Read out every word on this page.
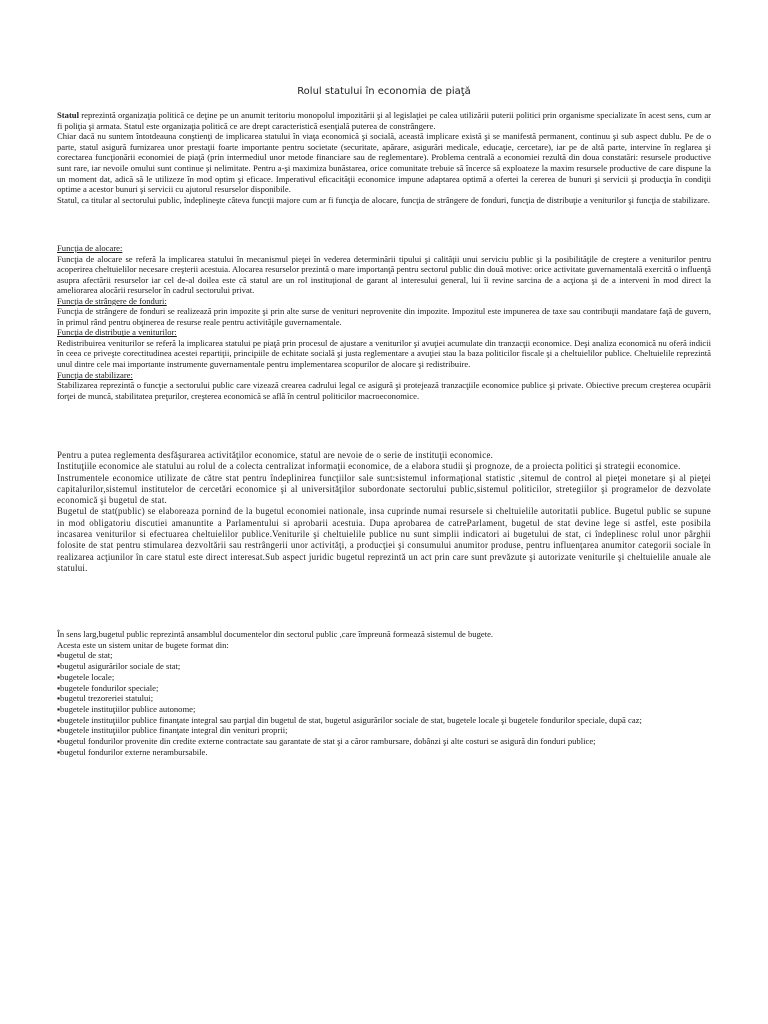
Rolul statului în economia de piaţă

Statul reprezintă organizaţia politică ce deţine pe un anumit teritoriu monopolul impozitării şi al legislaţiei pe calea utilizării puterii politici prin organisme specializate în acest sens, cum ar fi poliţia şi armata. Statul este organizaţia politică ce are drept caracteristică esenţială puterea de constrângere.

Chiar dacă nu suntem întotdeauna conştienţi de implicarea statului în viaţa economică şi socială, această implicare există şi se manifestă permanent, continuu şi sub aspect dublu. Pe de o parte, statul asigură furnizarea unor prestaţii foarte importante pentru societate (securitate, apărare, asigurări medicale, educaţie, cercetare), iar pe de altă parte, intervine în reglarea şi corectarea funcţionării economiei de piaţă (prin intermediul unor metode financiare sau de reglementare). Problema centrală a economiei rezultă din doua constatări: resursele productive sunt rare, iar nevoile omului sunt continue şi nelimitate. Pentru a-şi maximiza bunăstarea, orice comunitate trebuie să încerce să exploateze la maxim resursele productive de care dispune la un moment dat, adică să le utilizeze în mod optim şi eficace. Imperativul eficacităţii economice impune adaptarea optimă a ofertei la cererea de bunuri şi servicii şi producţia în condiţii optime a acestor bunuri şi servicii cu ajutorul resurselor disponibile.

Statul, ca titular al sectorului public, îndeplineşte câteva funcţii majore cum ar fi funcţia de alocare, funcţia de strângere de fonduri, funcţia de distribuţie a veniturilor şi funcţia de stabilizare.

Funcţia de alocare:

Funcţia de alocare se referă la implicarea statului în mecanismul pieţei în vederea determinării tipului şi calităţii unui serviciu public şi la posibilităţile de creştere a veniturilor pentru acoperirea cheltuielilor necesare creşterii acestuia. Alocarea resurselor prezintă o mare importanţă pentru sectorul public din două motive: orice activitate guvernamentală exercită o influenţă asupra afectării resurselor iar cel de-al doilea este că statul are un rol instituţional de garant al interesului general, lui îi revine sarcina de a acţiona şi de a interveni în mod direct la ameliorarea alocării resurselor în cadrul sectorului privat.

Funcţia de strângere de fonduri:

Funcţia de strângere de fonduri se realizează prin impozite şi prin alte surse de venituri neprovenite din impozite. Impozitul este impunerea de taxe sau contribuţii mandatare faţă de guvern, în primul rând pentru obţinerea de resurse reale pentru activităţile guvernamentale.

Funcţia de distribuţie a veniturilor:

Redistribuirea veniturilor se referă la implicarea statului pe piaţă prin procesul de ajustare a veniturilor şi avuţiei acumulate din tranzacţii economice. Deşi analiza economică nu oferă indicii în ceea ce priveşte corectitudinea acestei repartiţii, principiile de echitate socială şi justa reglementare a avuţiei stau la baza politicilor fiscale şi a cheltuielilor publice. Cheltuielile reprezintă unul dintre cele mai importante instrumente guvernamentale pentru implementarea scopurilor de alocare şi redistribuire.

Funcţia de stabilizare:

Stabilizarea reprezintă o funcţie a sectorului public care vizează crearea cadrului legal ce asigură şi protejează tranzacţiile economice publice şi private. Obiective precum creşterea ocupării forţei de muncă, stabilitatea preţurilor, creşterea economică se află în centrul politicilor macroeconomice.

Pentru a putea reglementa desfăşurarea activităţilor economice, statul are nevoie de o serie de instituţii economice.

Instituţiile economice ale statului au rolul de a colecta centralizat informaţii economice, de a elabora studii şi prognoze, de a proiecta politici şi strategii economice.

Instrumentele economice utilizate de către stat pentru îndeplinirea funcţiilor sale sunt:sistemul informaţional statistic ,sitemul de control al pieţei monetare şi al pieţei capitalurilor,sistemul institutelor de cercetări economice şi al universităţilor subordonate sectorului public,sistemul politicilor, stretegiilor şi programelor de dezvolate economică şi bugetul de stat.

Bugetul de stat(public) se elaboreaza pornind de la bugetul economiei nationale, insa cuprinde numai resursele si cheltuielile autoritatii publice. Bugetul public se supune in mod obligatoriu discutiei amanuntite a Parlamentului si aprobarii acestuia. Dupa aprobarea de catreParlament, bugetul de stat devine lege si astfel, este posibila incasarea veniturilor si efectuarea cheltuielilor publice.Veniturile şi cheltuielile publice nu sunt simplii indicatori ai bugetului de stat, ci îndeplinesc rolul unor pârghii folosite de stat pentru stimularea dezvoltării sau restrângerii unor activităţi, a producţiei şi consumului anumitor produse, pentru influenţarea anumitor categorii sociale în realizarea acţiunilor în care statul este direct interesat.Sub aspect juridic bugetul reprezintă un act prin care sunt prevăzute şi autorizate veniturile şi cheltuielile anuale ale statului.

În sens larg,bugetul public reprezintă ansamblul documentelor din sectorul public ,care împreună formează sistemul de bugete.

Acesta este un sistem unitar de bugete format din:

▪bugetul de stat;
▪bugetul asigurărilor sociale de stat;
▪bugetele locale;
▪bugetele fondurilor speciale;
▪bugetul trezoreriei statului;
▪bugetele instituţiilor publice autonome;
▪bugetele instituţiilor publice finanţate integral sau parţial din bugetul de stat, bugetul asigurărilor sociale de stat, bugetele locale şi bugetele fondurilor speciale, după caz;
▪bugetele instituţiilor publice finanţate integral din venituri proprii;
▪bugetul fondurilor provenite din credite externe contractate sau garantate de stat şi a căror rambursare, dobânzi şi alte costuri se asigură din fonduri publice;
▪bugetul fondurilor externe nerambursabile.
